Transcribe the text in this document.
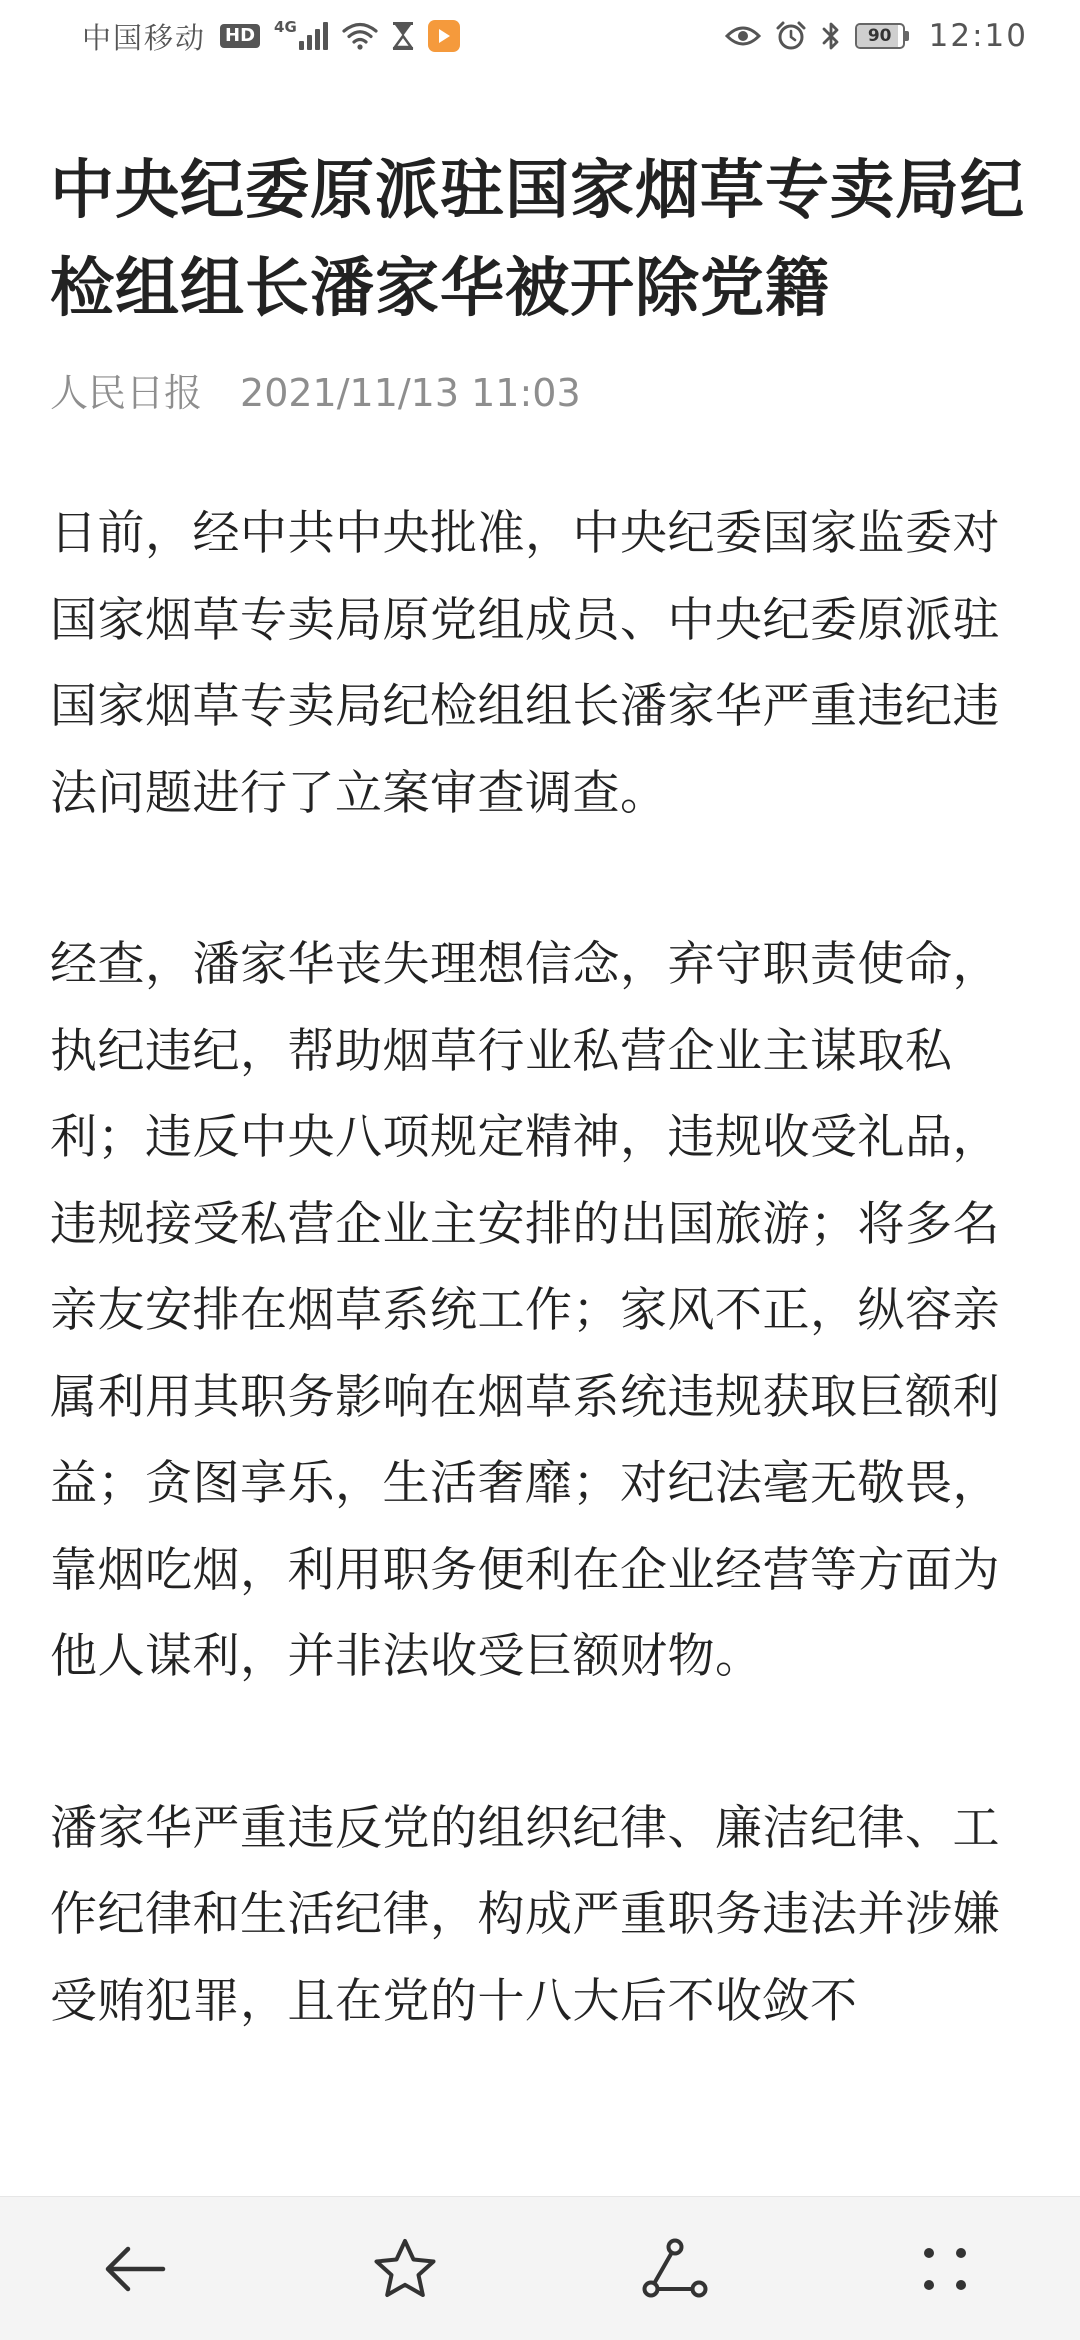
中国移动 HD	4G	90 12:10
中央纪委原派驻国家烟草专卖局纪检组组长潘家华被开除党籍
人民日报 2021/11/13 11:03

日前，经中共中央批准，中央纪委国家监委对国家烟草专卖局原党组成员、中央纪委原派驻国家烟草专卖局纪检组组长潘家华严重违纪违法问题进行了立案审查调查。

经查，潘家华丧失理想信念，弃守职责使命，执纪违纪，帮助烟草行业私营企业主谋取私利；违反中央八项规定精神，违规收受礼品，违规接受私营企业主安排的出国旅游；将多名亲友安排在烟草系统工作；家风不正，纵容亲属利用其职务影响在烟草系统违规获取巨额利益；贪图享乐，生活奢靡；对纪法毫无敬畏，靠烟吃烟，利用职务便利在企业经营等方面为他人谋利，并非法收受巨额财物。

潘家华严重违反党的组织纪律、廉洁纪律、工作纪律和生活纪律，构成严重职务违法并涉嫌受贿犯罪，且在党的十八大后不收敛不
